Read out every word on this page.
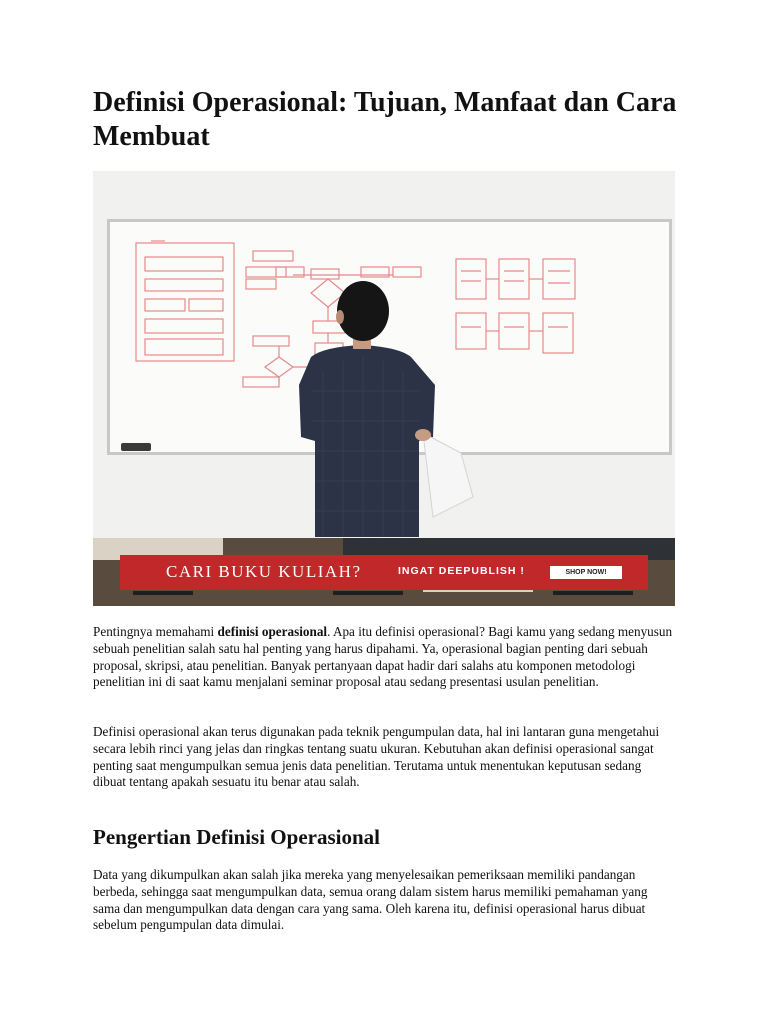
Definisi Operasional: Tujuan, Manfaat dan Cara Membuat
CARI BUKU KULIAH?	INGAT DEEPUBLISH !	SHOP NOW!

Pentingnya memahami definisi operasional. Apa itu definisi operasional? Bagi kamu yang sedang menyusun sebuah penelitian salah satu hal penting yang harus dipahami. Ya, operasional bagian penting dari sebuah proposal, skripsi, atau penelitian. Banyak pertanyaan dapat hadir dari salahs atu komponen metodologi penelitian ini di saat kamu menjalani seminar proposal atau sedang presentasi usulan penelitian.

Definisi operasional akan terus digunakan pada teknik pengumpulan data, hal ini lantaran guna mengetahui secara lebih rinci yang jelas dan ringkas tentang suatu ukuran. Kebutuhan akan definisi operasional sangat penting saat mengumpulkan semua jenis data penelitian. Terutama untuk menentukan keputusan sedang dibuat tentang apakah sesuatu itu benar atau salah.

Pengertian Definisi Operasional

Data yang dikumpulkan akan salah jika mereka yang menyelesaikan pemeriksaan memiliki pandangan berbeda, sehingga saat mengumpulkan data, semua orang dalam sistem harus memiliki pemahaman yang sama dan mengumpulkan data dengan cara yang sama. Oleh karena itu, definisi operasional harus dibuat sebelum pengumpulan data dimulai.
